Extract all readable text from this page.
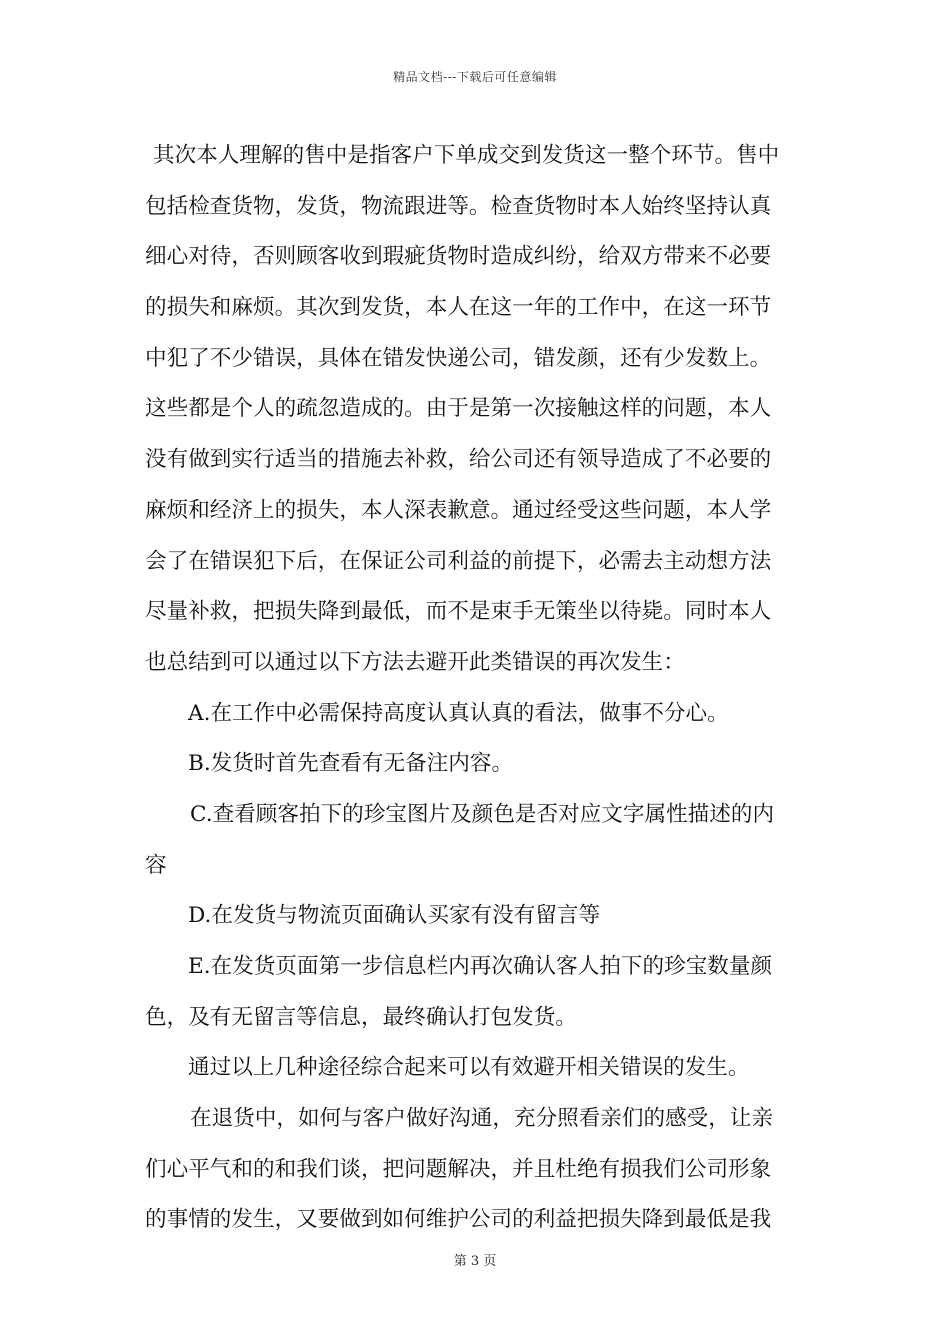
精品文档---下载后可任意编辑
其次本人理解的售中是指客户下单成交到发货这一整个环节。售中
包括检查货物，发货，物流跟进等。检查货物时本人始终坚持认真
细心对待，否则顾客收到瑕疵货物时造成纠纷，给双方带来不必要
的损失和麻烦。其次到发货，本人在这一年的工作中，在这一环节
中犯了不少错误，具体在错发快递公司，错发颜，还有少发数上。
这些都是个人的疏忽造成的。由于是第一次接触这样的问题，本人
没有做到实行适当的措施去补救，给公司还有领导造成了不必要的
麻烦和经济上的损失，本人深表歉意。通过经受这些问题，本人学
会了在错误犯下后，在保证公司利益的前提下，必需去主动想方法
尽量补救，把损失降到最低，而不是束手无策坐以待毙。同时本人
也总结到可以通过以下方法去避开此类错误的再次发生：
A.在工作中必需保持高度认真认真的看法，做事不分心。
B.发货时首先查看有无备注内容。
C.查看顾客拍下的珍宝图片及颜色是否对应文字属性描述的内
容
D.在发货与物流页面确认买家有没有留言等
E.在发货页面第一步信息栏内再次确认客人拍下的珍宝数量颜
色，及有无留言等信息，最终确认打包发货。
通过以上几种途径综合起来可以有效避开相关错误的发生。
在退货中，如何与客户做好沟通，充分照看亲们的感受，让亲
们心平气和的和我们谈，把问题解决，并且杜绝有损我们公司形象
的事情的发生，又要做到如何维护公司的利益把损失降到最低是我
第 3 页
